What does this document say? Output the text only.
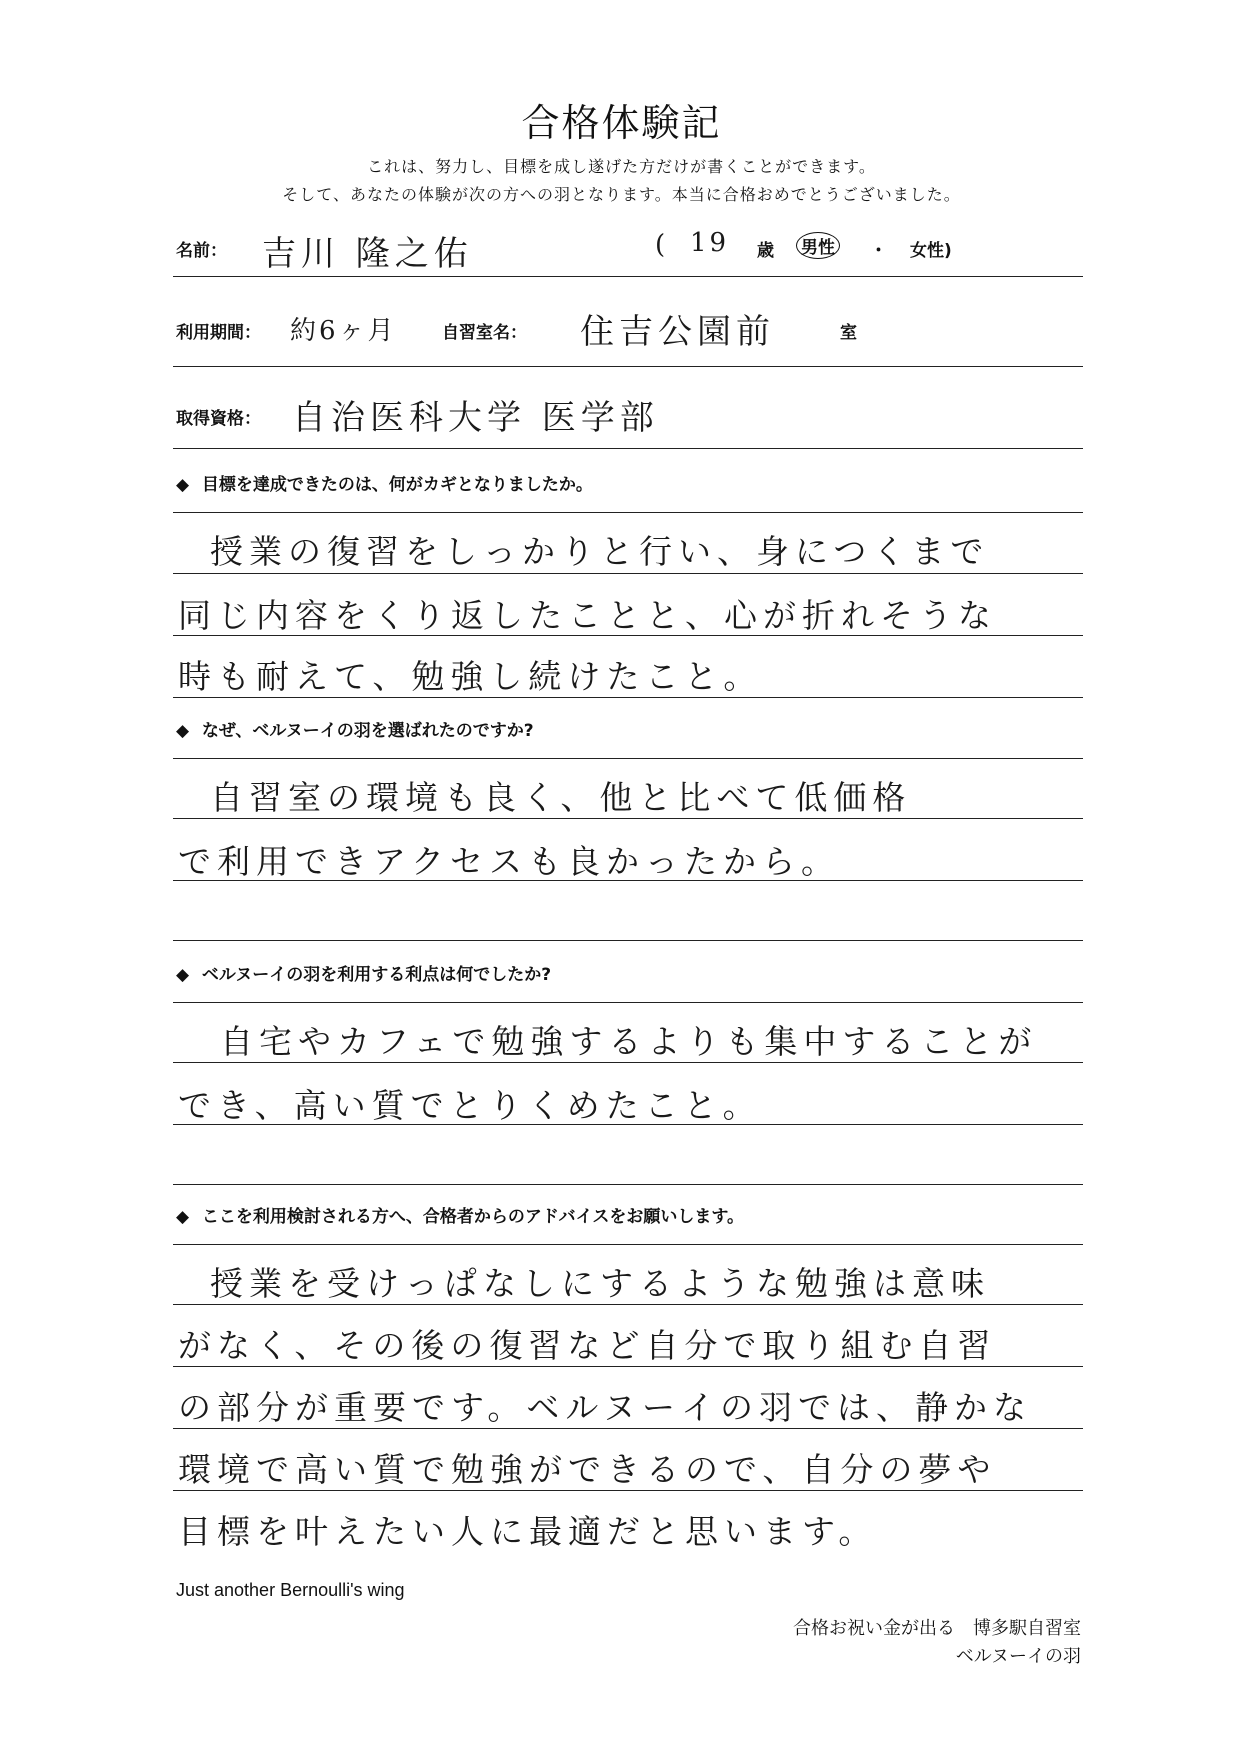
合格体験記
これは、努力し、目標を成し遂げた方だけが書くことができます。
そして、あなたの体験が次の方への羽となります。本当に合格おめでとうございました。
名前： 吉川 隆之佑	( 19 歳 男性 ・ 女性)
利用期間： 約6ヶ月	自習室名： 住吉公園前	室
取得資格： 自治医科大学 医学部
◆ 目標を達成できたのは、何がカギとなりましたか。
授業の復習をしっかりと行い、身につくまで
同じ内容をくり返したことと、心が折れそうな
時も耐えて、勉強し続けたこと。
◆ なぜ、ベルヌーイの羽を選ばれたのですか?
自習室の環境も良く、他と比べて低価格
で利用できアクセスも良かったから。
◆ ベルヌーイの羽を利用する利点は何でしたか?
自宅やカフェで勉強するよりも集中することが
でき、高い質でとりくめたこと。
◆ ここを利用検討される方へ、合格者からのアドバイスをお願いします。
授業を受けっぱなしにするような勉強は意味
がなく、その後の復習など自分で取り組む自習
の部分が重要です。ベルヌーイの羽では、静かな
環境で高い質で勉強ができるので、自分の夢や
目標を叶えたい人に最適だと思います。
Just another Bernoulli's wing
合格お祝い金が出る　博多駅自習室
ベルヌーイの羽
